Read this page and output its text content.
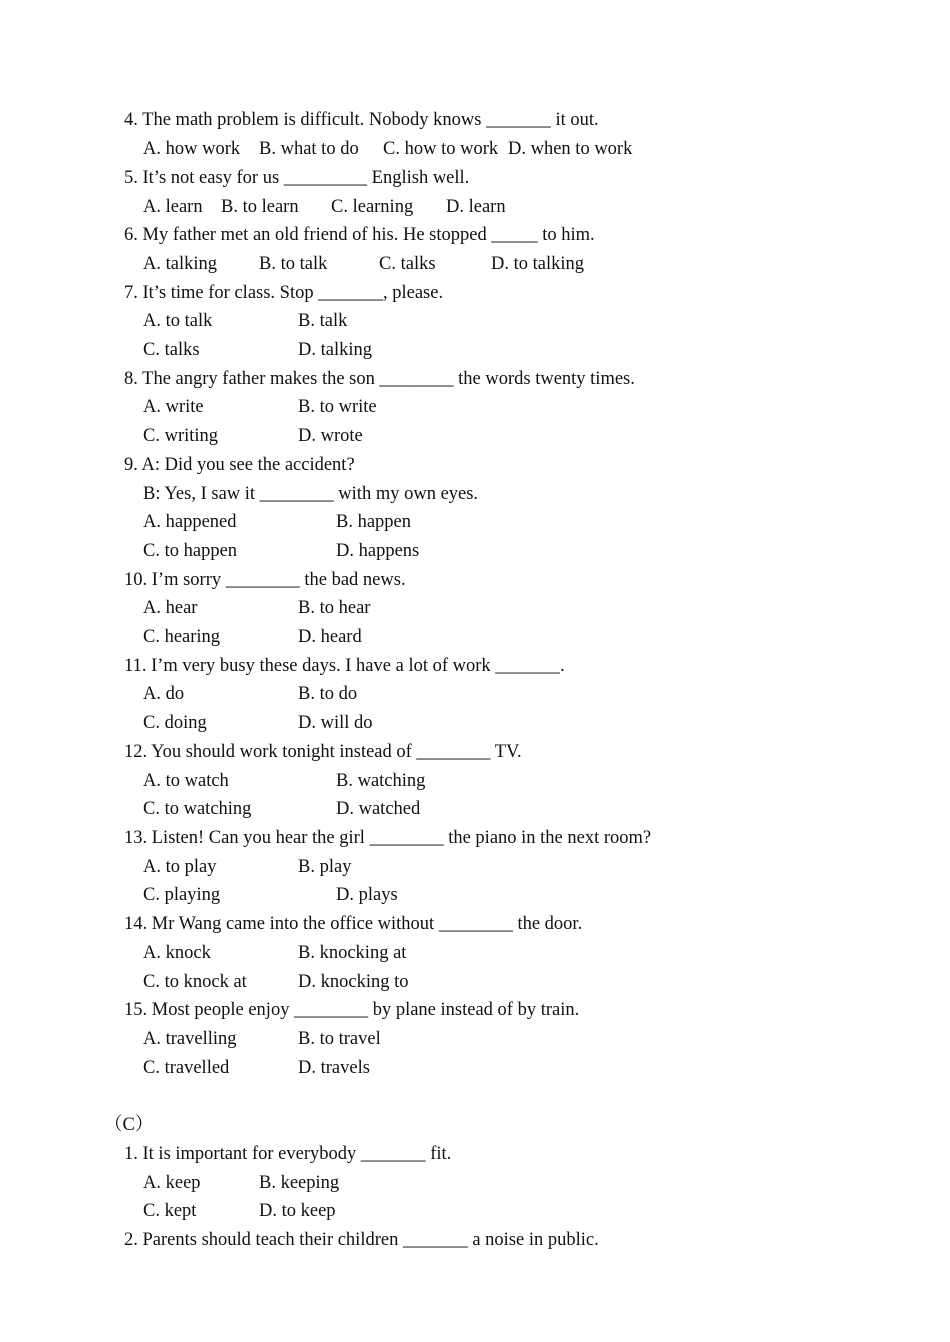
4. The math problem is difficult. Nobody knows _______ it out.
A. how work B. what to do C. how to work D. when to work
5. It’s not easy for us _________ English well.
A. learn B. to learn C. learning D. learn
6. My father met an old friend of his. He stopped _____ to him.
A. talking B. to talk	C. talks	D. to talking
7. It’s time for class. Stop _______, please.
A. to talk	B. talk
C. talks	D. talking
8. The angry father makes the son ________ the words twenty times.
A. write	B. to write
C. writing	D. wrote
9. A: Did you see the accident?
B: Yes, I saw it ________ with my own eyes.
A. happened	B. happen
C. to happen	D. happens
10. I’m sorry ________ the bad news.
A. hear	B. to hear
C. hearing	D. heard
11. I’m very busy these days. I have a lot of work _______.
A. do	B. to do
C. doing	D. will do
12. You should work tonight instead of ________ TV.
A. to watch	B. watching
C. to watching	D. watched
13. Listen! Can you hear the girl ________ the piano in the next room?
A. to play	B. play
C. playing	D. plays
14. Mr Wang came into the office without ________ the door.
A. knock	B. knocking at
C. to knock at	D. knocking to
15. Most people enjoy ________ by plane instead of by train.
A. travelling	B. to travel
C. travelled	D. travels
（C）
1. It is important for everybody _______ fit.
A. keep	B. keeping
C. kept	D. to keep
2. Parents should teach their children _______ a noise in public.
